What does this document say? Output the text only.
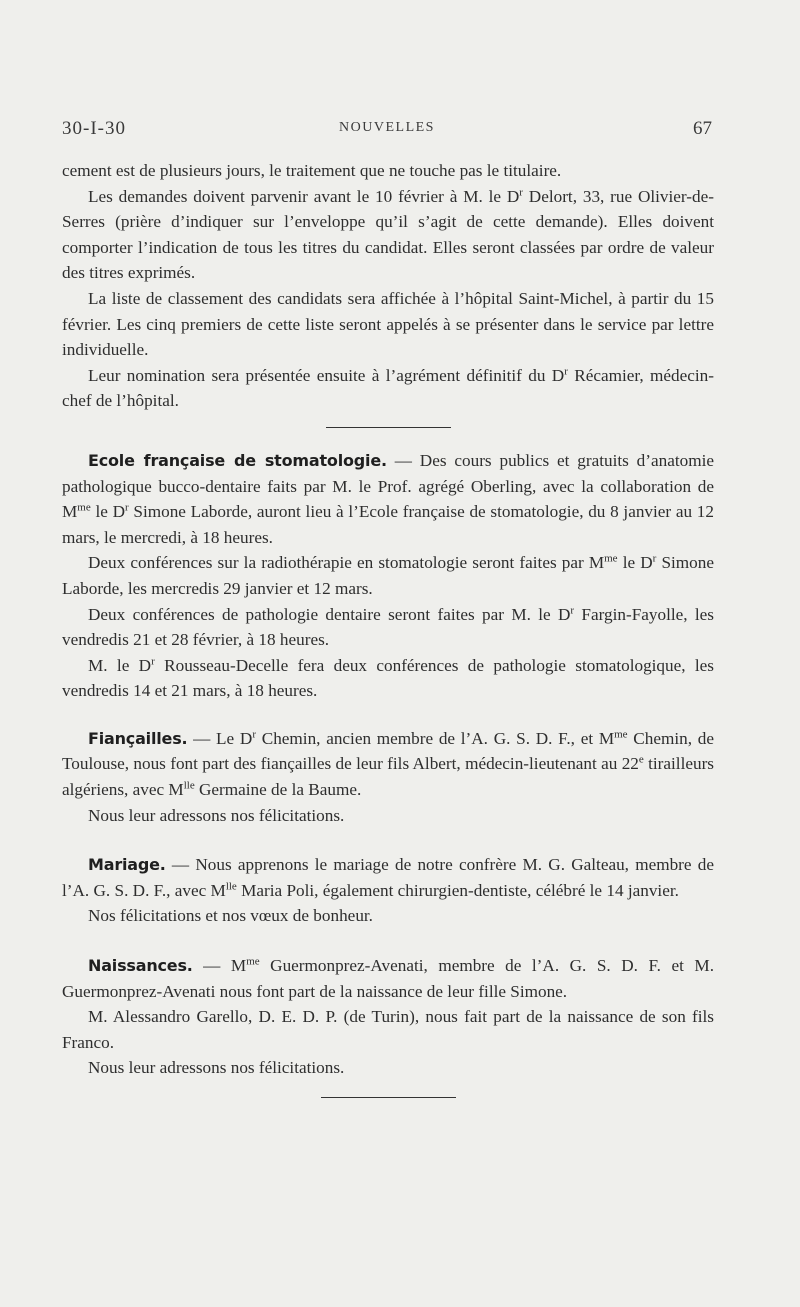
30-I-30	NOUVELLES	67

cement est de plusieurs jours, le traitement que ne touche pas le titulaire.

Les demandes doivent parvenir avant le 10 février à M. le $D^r$ Delort, 33, rue Olivier-de-Serres (prière d’indiquer sur l’enveloppe qu’il s’agit de cette demande). Elles doivent comporter l’indication de tous les titres du candidat. Elles seront classées par ordre de valeur des titres exprimés.

La liste de classement des candidats sera affichée à l’hôpital Saint-Michel, à partir du 15 février. Les cinq premiers de cette liste seront appelés à se présenter dans le service par lettre individuelle.

Leur nomination sera présentée ensuite à l’agrément définitif du $D^r$ Récamier, médecin-chef de l’hôpital.

Ecole française de stomatologie. — Des cours publics et gratuits d’anatomie pathologique bucco-dentaire faits par M. le Prof. agrégé Oberling, avec la collaboration de $M^{me}$ le $D^r$ Simone Laborde, auront lieu à l’Ecole française de stomatologie, du 8 janvier au 12 mars, le mercredi, à 18 heures.

Deux conférences sur la radiothérapie en stomatologie seront faites par $M^{me}$ le $D^r$ Simone Laborde, les mercredis 29 janvier et 12 mars.

Deux conférences de pathologie dentaire seront faites par M. le $D^r$ Fargin-Fayolle, les vendredis 21 et 28 février, à 18 heures.

M. le $D^r$ Rousseau-Decelle fera deux conférences de pathologie stomatologique, les vendredis 14 et 21 mars, à 18 heures.

Fiançailles. — Le $D^r$ Chemin, ancien membre de l’A. G. S. D. F., et $M^{me}$ Chemin, de Toulouse, nous font part des fiançailles de leur fils Albert, médecin-lieutenant au 22e tirailleurs algériens, avec $M^{lle}$ Germaine de la Baume.

Nous leur adressons nos félicitations.

Mariage. — Nous apprenons le mariage de notre confrère M. G. Galteau, membre de l’A. G. S. D. F., avec $M^{lle}$ Maria Poli, également chirurgien-dentiste, célébré le 14 janvier.

Nos félicitations et nos vœux de bonheur.

Naissances. — $M^{me}$ Guermonprez-Avenati, membre de l’A. G. S. D. F. et M. Guermonprez-Avenati nous font part de la naissance de leur fille Simone.

M. Alessandro Garello, D. E. D. P. (de Turin), nous fait part de la naissance de son fils Franco.

Nous leur adressons nos félicitations.
